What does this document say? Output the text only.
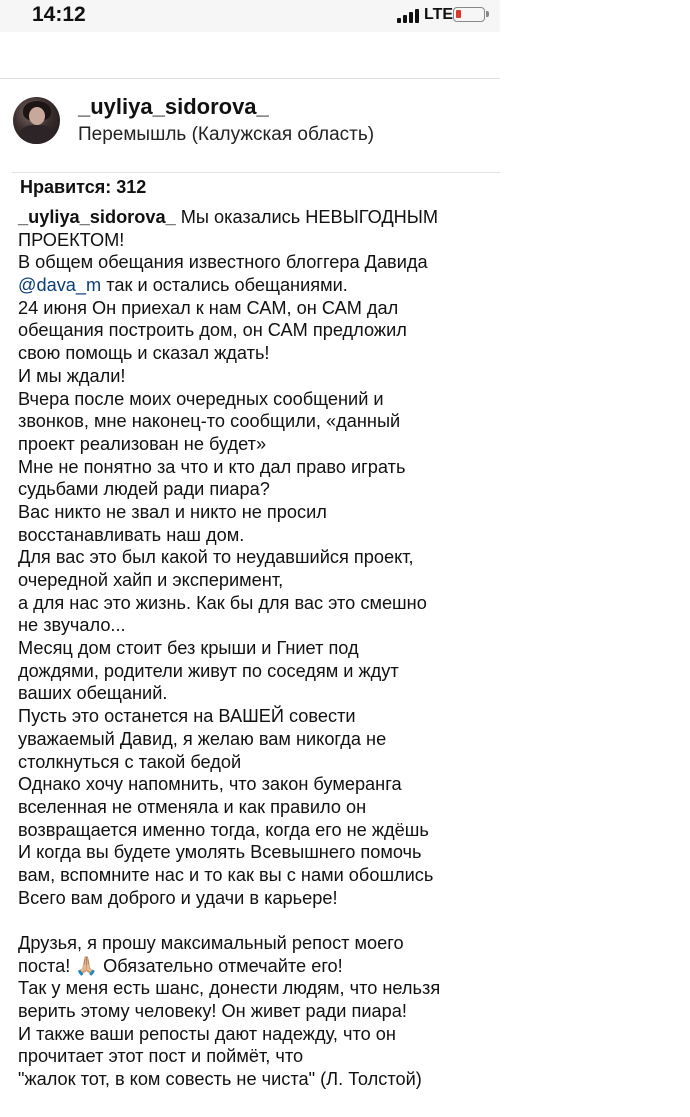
14:12	LTE
_uyliya_sidorova_
Перемышль (Калужская область)
Нравится: 312
_uyliya_sidorova_ Мы оказались НЕВЫГОДНЫМ
ПРОЕКТОМ!
В общем обещания известного блоггера Давида
@dava_m так и остались обещаниями.
24 июня Он приехал к нам САМ, он САМ дал
обещания построить дом, он САМ предложил
свою помощь и сказал ждать!
И мы ждали!
Вчера после моих очередных сообщений и
звонков, мне наконец-то сообщили, «данный
проект реализован не будет»
Мне не понятно за что и кто дал право играть
судьбами людей ради пиара?
Вас никто не звал и никто не просил
восстанавливать наш дом.
Для вас это был какой то неудавшийся проект,
очередной хайп и эксперимент,
а для нас это жизнь. Как бы для вас это смешно
не звучало...
Месяц дом стоит без крыши и Гниет под
дождями, родители живут по соседям и ждут
ваших обещаний.
Пусть это останется на ВАШЕЙ совести
уважаемый Давид, я желаю вам никогда не
столкнуться с такой бедой
Однако хочу напомнить, что закон бумеранга
вселенная не отменяла и как правило он
возвращается именно тогда, когда его не ждёшь
И когда вы будете умолять Всевышнего помочь
вам, вспомните нас и то как вы с нами обошлись
Всего вам доброго и удачи в карьере!
Друзья, я прошу максимальный репост моего
поста! 🙏🏼 Обязательно отмечайте его!
Так у меня есть шанс, донести людям, что нельзя
верить этому человеку! Он живет ради пиара!
И также ваши репосты дают надежду, что он
прочитает этот пост и поймёт, что
"жалок тот, в ком совесть не чиста" (Л. Толстой)
